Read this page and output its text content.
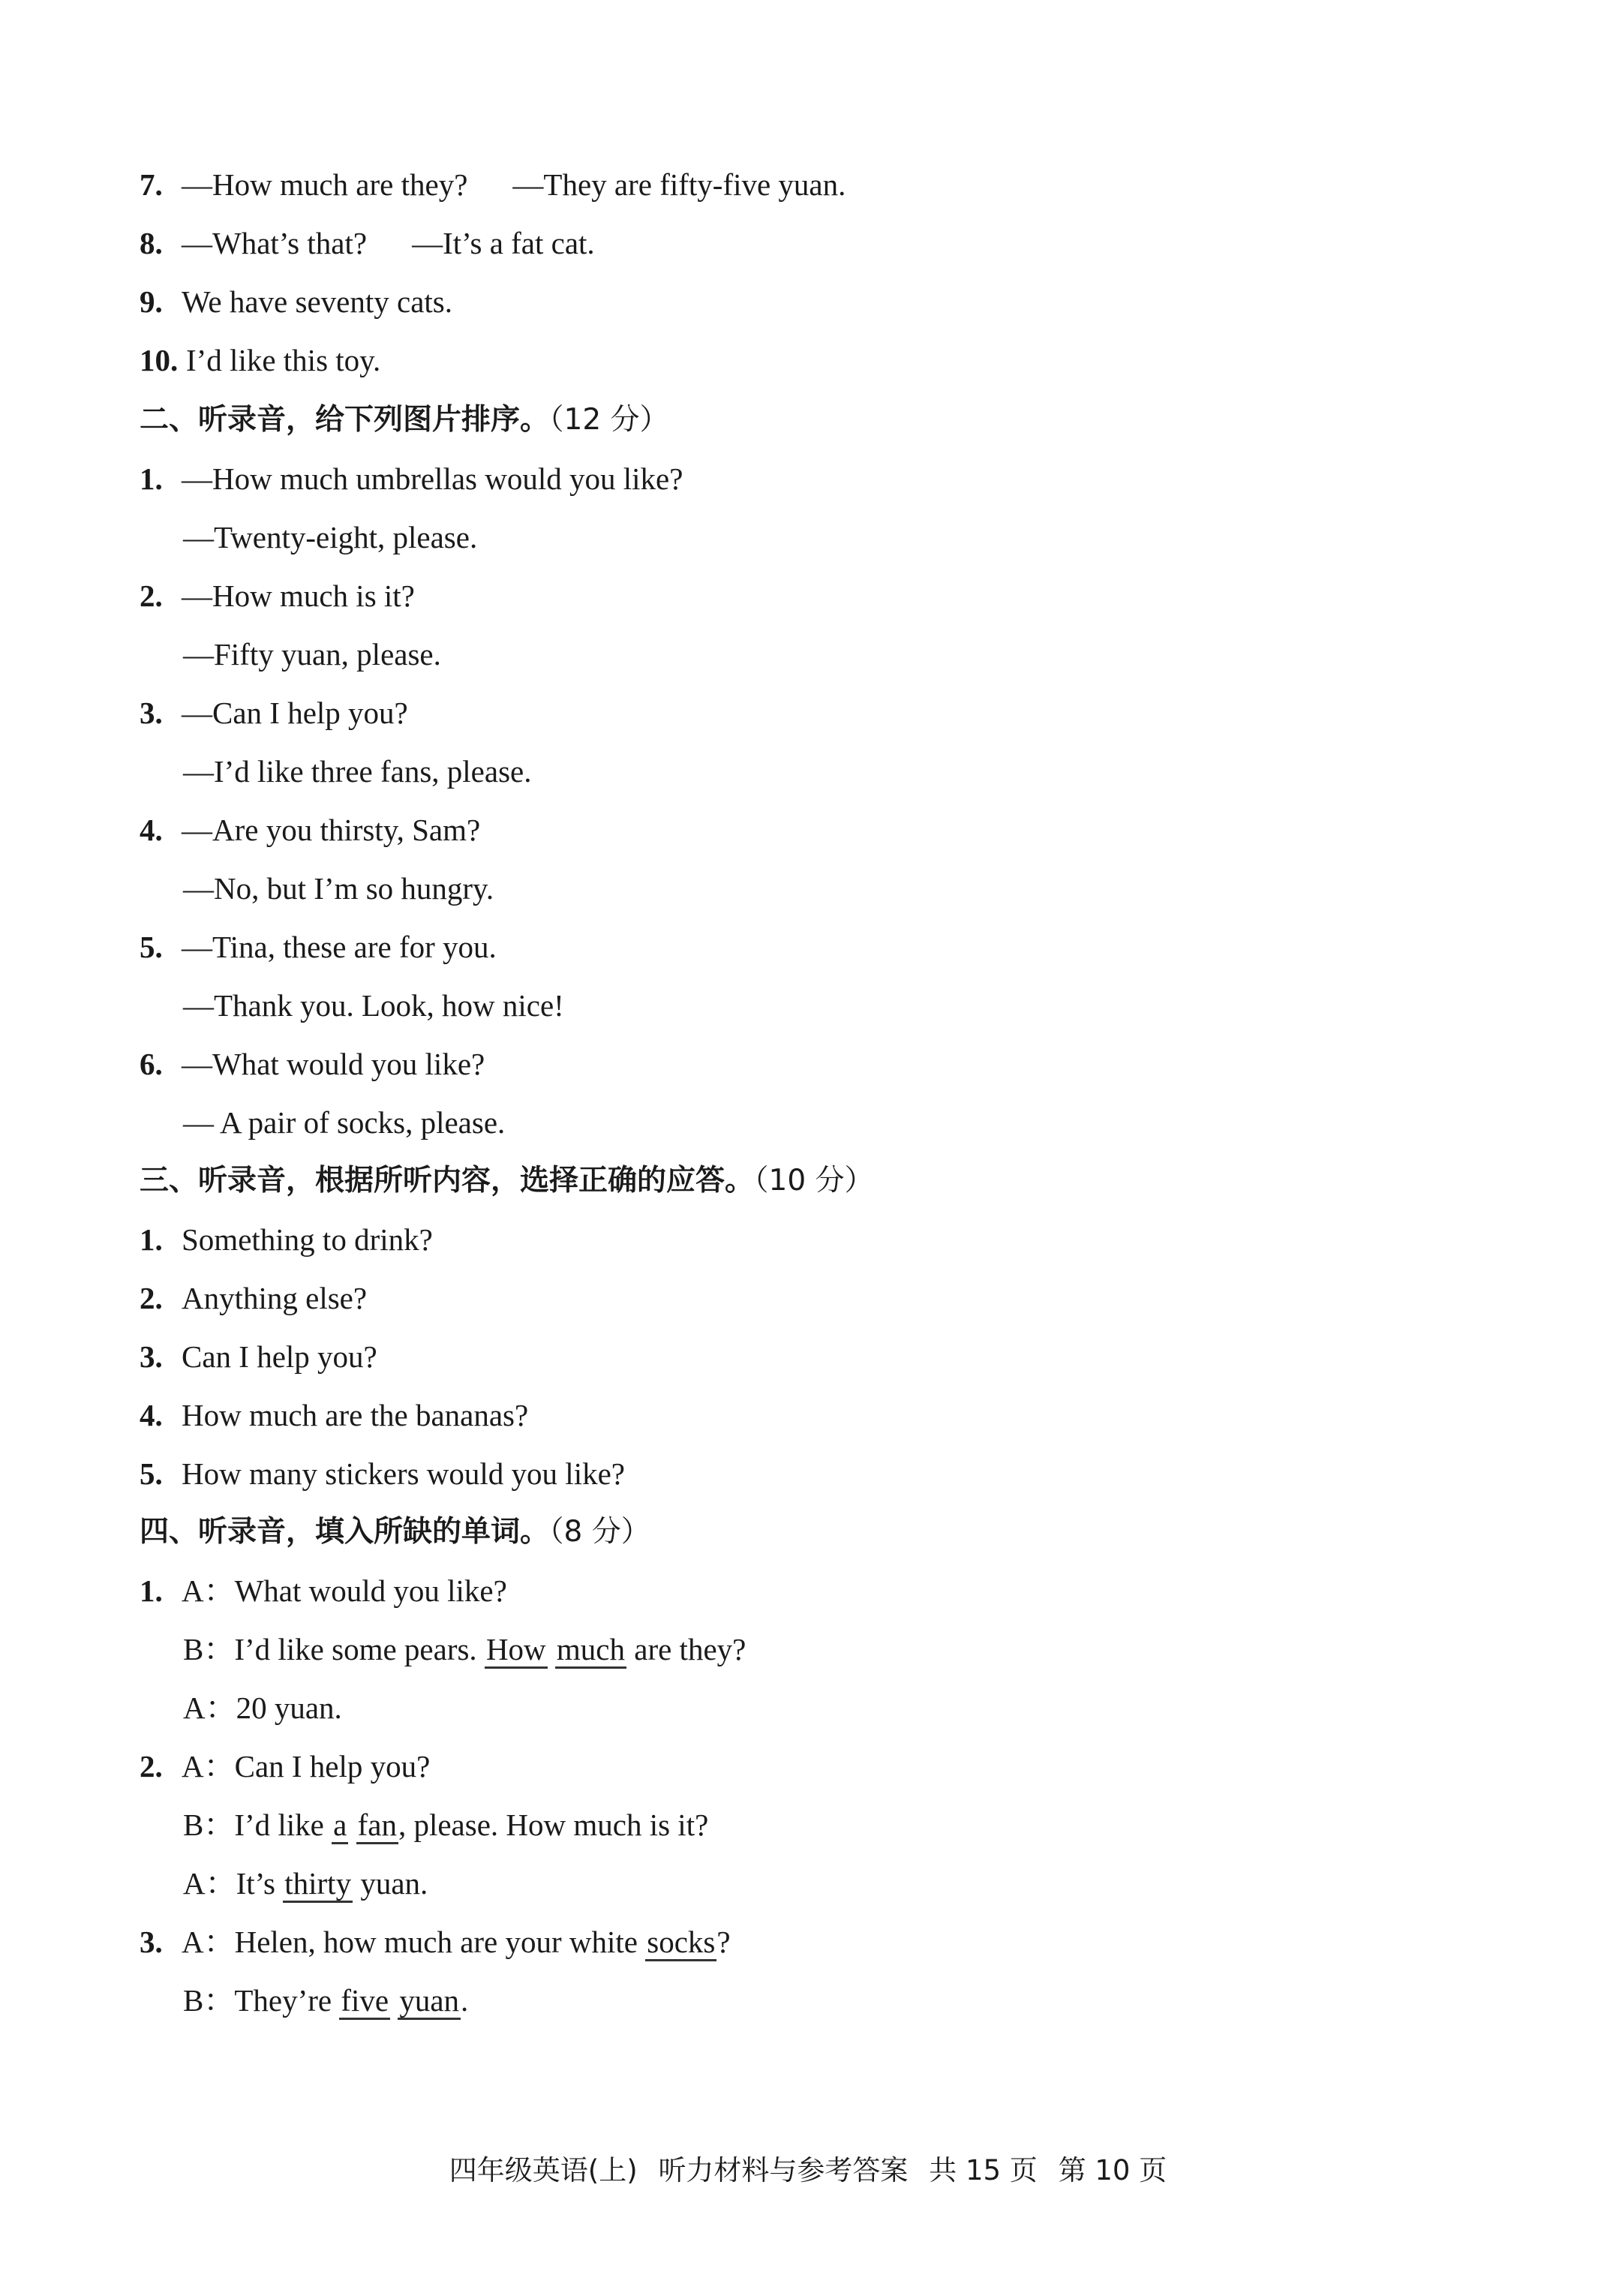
7. —How much are they? —They are fifty-five yuan.
8. —What’s that? —It’s a fat cat.
9. We have seventy cats.
10. I’d like this toy.
二、听录音，给下列图片排序。（12 分）
1. —How much umbrellas would you like?
—Twenty-eight, please.
2. —How much is it?
—Fifty yuan, please.
3. —Can I help you?
—I’d like three fans, please.
4. —Are you thirsty, Sam?
—No, but I’m so hungry.
5. —Tina, these are for you.
—Thank you. Look, how nice!
6. —What would you like?
— A pair of socks, please.
三、听录音，根据所听内容，选择正确的应答。（10 分）
1. Something to drink?
2. Anything else?
3. Can I help you?
4. How much are the bananas?
5. How many stickers would you like?
四、听录音，填入所缺的单词。（8 分）
1. A：What would you like?
B：I’d like some pears. How much are they?
A：20 yuan.
2. A：Can I help you?
B：I’d like a fan, please. How much is it?
A：It’s thirty yuan.
3. A：Helen, how much are your white socks?
B：They’re five yuan.
四年级英语(上) 听力材料与参考答案 共 15 页 第 10 页
